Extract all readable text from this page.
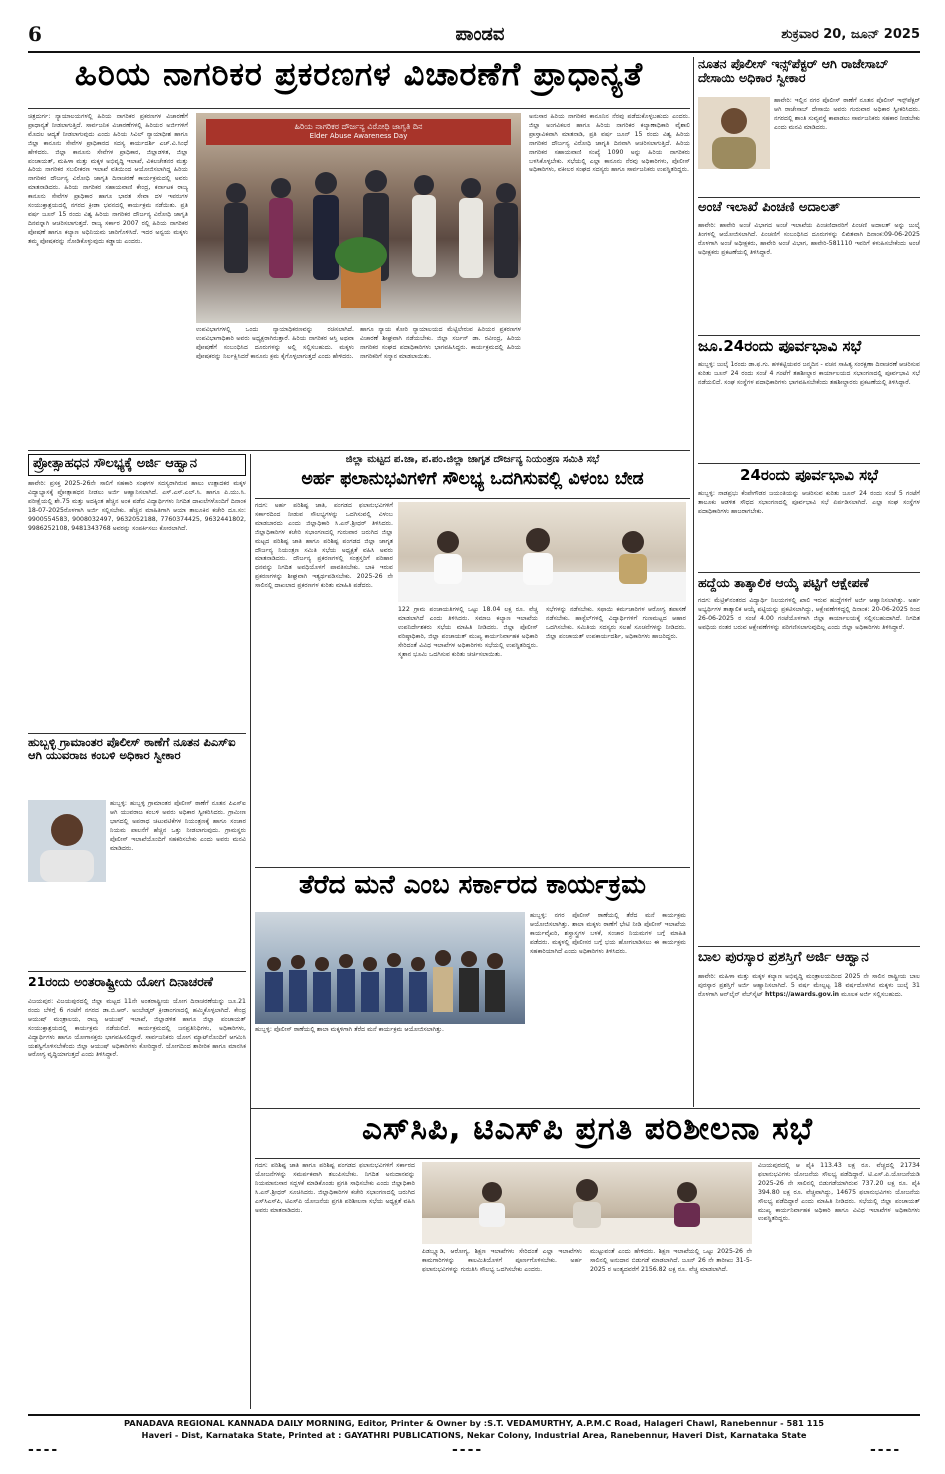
6	ಪಾಂಡವ	ಶುಕ್ರವಾರ 20, ಜೂನ್ 2025
ಹಿರಿಯ ನಾಗರಿಕರ ಪ್ರಕರಣಗಳ ವಿಚಾರಣೆಗೆ ಪ್ರಾಧಾನ್ಯತೆ
ಚಿತ್ರದುರ್ಗ: ನ್ಯಾಯಾಲಯಗಳಲ್ಲಿ ಹಿರಿಯ ನಾಗರಿಕರ ಪ್ರಕರಣಗಳ ವಿಚಾರಣೆಗೆ ಪ್ರಾಧಾನ್ಯತೆ ನೀಡಲಾಗುತ್ತಿದೆ. ಸಾರ್ವಜನಿಕ ವಿಚಾರಣೆಗಳಲ್ಲಿ ಹಿರಿಯರ ಅರ್ಜಿಗಳಿಗೆ ಮೊದಲ ಆದ್ಯತೆ ನೀಡಲಾಗುವುದು ಎಂದು ಹಿರಿಯ ಸಿವಿಲ್ ನ್ಯಾಯಾಧೀಶ ಹಾಗೂ ಜಿಲ್ಲಾ ಕಾನೂನು ಸೇವೆಗಳ ಪ್ರಾಧಿಕಾರದ ಸದಸ್ಯ ಕಾರ್ಯದರ್ಶಿ ಎಚ್.ವಿ.ಸಿಂಧೆ ಹೇಳಿದರು. ಜಿಲ್ಲಾ ಕಾನೂನು ಸೇವೆಗಳ ಪ್ರಾಧಿಕಾರ, ಜಿಲ್ಲಾಡಳಿತ, ಜಿಲ್ಲಾ ಪಂಚಾಯತ್, ಮಹಿಳಾ ಮತ್ತು ಮಕ್ಕಳ ಅಭಿವೃದ್ಧಿ ಇಲಾಖೆ, ವಿಕಲಚೇತನರ ಮತ್ತು ಹಿರಿಯ ನಾಗರಿಕರ ಸಬಲೀಕರಣ ಇಲಾಖೆ ವತಿಯಿಂದ ಆಯೋಜಿಸಲಾಗಿದ್ದ ಹಿರಿಯ ನಾಗರಿಕರ ದೌರ್ಜನ್ಯ ವಿರೋಧಿ ಜಾಗೃತಿ ದಿನಾಚರಣೆ ಕಾರ್ಯಕ್ರಮದಲ್ಲಿ ಅವರು ಮಾತನಾಡಿದರು. ಹಿರಿಯ ನಾಗರಿಕರ ಸಹಾಯವಾಣಿ ಕೇಂದ್ರ, ಕರ್ನಾಟಕ ರಾಜ್ಯ ಕಾನೂನು ಸೇವೆಗಳ ಪ್ರಾಧಿಕಾರ ಹಾಗೂ ಭಾರತ ಸೇವಾ ದಳ ಇವರುಗಳ ಸಂಯುಕ್ತಾಶ್ರಯದಲ್ಲಿ ನಗರದ ಕ್ರೀಡಾ ಭವನದಲ್ಲಿ ಕಾರ್ಯಕ್ರಮ ನಡೆಯಿತು. ಪ್ರತಿ ವರ್ಷ ಜೂನ್ 15 ರಂದು ವಿಶ್ವ ಹಿರಿಯ ನಾಗರಿಕರ ದೌರ್ಜನ್ಯ ವಿರೋಧಿ ಜಾಗೃತಿ ದಿನವನ್ನಾಗಿ ಆಚರಿಸಲಾಗುತ್ತದೆ. ರಾಜ್ಯ ಸರ್ಕಾರ 2007 ರಲ್ಲಿ ಹಿರಿಯ ನಾಗರಿಕರ ಪೋಷಣೆ ಹಾಗೂ ಕಲ್ಯಾಣ ಅಧಿನಿಯಮ ಜಾರಿಗೊಳಿಸಿದೆ. ಇದರ ಅನ್ವಯ ಮಕ್ಕಳು ತಮ್ಮ ಪೋಷಕರನ್ನು ನೋಡಿಕೊಳ್ಳುವುದು ಕಡ್ಡಾಯ ಎಂದರು.
ಹಿರಿಯ ನಾಗರಿಕರ ದೌರ್ಜನ್ಯ ವಿರೋಧಿ ಜಾಗೃತಿ ದಿನ
Elder Abuse Awareness Day
ಉಪವಿಭಾಗಗಳಲ್ಲಿ ಒಂದು ನ್ಯಾಯಾಧಿಕರಣವನ್ನು ರಚಿಸಲಾಗಿದೆ. ಉಪವಿಭಾಗಾಧಿಕಾರಿ ಅವರು ಅಧ್ಯಕ್ಷರಾಗಿರುತ್ತಾರೆ. ಹಿರಿಯ ನಾಗರಿಕರ ಆಸ್ತಿ ಅಥವಾ ಪೋಷಣೆಗೆ ಸಂಬಂಧಿಸಿದ ದೂರುಗಳನ್ನು ಅಲ್ಲಿ ಸಲ್ಲಿಸಬಹುದು. ಮಕ್ಕಳು ಪೋಷಕರನ್ನು ನಿರ್ಲಕ್ಷಿಸಿದರೆ ಕಾನೂನು ಕ್ರಮ ಕೈಗೊಳ್ಳಲಾಗುತ್ತದೆ ಎಂದು ಹೇಳಿದರು.
ಹಾಗೂ ನ್ಯಾಯ ಕೋರಿ ನ್ಯಾಯಾಲಯದ ಮೆಟ್ಟಿಲೇರುವ ಹಿರಿಯರ ಪ್ರಕರಣಗಳ ವಿಚಾರಣೆ ಶೀಘ್ರವಾಗಿ ನಡೆಯಬೇಕು. ಜಿಲ್ಲಾ ಸರ್ಜನ್ ಡಾ. ರವೀಂದ್ರ, ಹಿರಿಯ ನಾಗರಿಕರ ಸಂಘದ ಪದಾಧಿಕಾರಿಗಳು ಭಾಗವಹಿಸಿದ್ದರು. ಕಾರ್ಯಕ್ರಮದಲ್ಲಿ ಹಿರಿಯ ನಾಗರಿಕರಿಗೆ ಸನ್ಮಾನ ಮಾಡಲಾಯಿತು.
ಅನುಸಾರ ಹಿರಿಯ ನಾಗರಿಕರ ಕಾನೂನಿನ ನೆರವು ಪಡೆದುಕೊಳ್ಳಬಹುದು ಎಂದರು. ಜಿಲ್ಲಾ ಅಂಗವಿಕಲರ ಹಾಗೂ ಹಿರಿಯ ನಾಗರಿಕರ ಕಲ್ಯಾಣಾಧಿಕಾರಿ ವೈಶಾಲಿ ಪ್ರಾಸ್ತಾವಿಕವಾಗಿ ಮಾತನಾಡಿ, ಪ್ರತಿ ವರ್ಷ ಜೂನ್ 15 ರಂದು ವಿಶ್ವ ಹಿರಿಯ ನಾಗರಿಕರ ದೌರ್ಜನ್ಯ ವಿರೋಧಿ ಜಾಗೃತಿ ದಿನವಾಗಿ ಆಚರಿಸಲಾಗುತ್ತಿದೆ. ಹಿರಿಯ ನಾಗರಿಕರ ಸಹಾಯವಾಣಿ ಸಂಖ್ಯೆ 1090 ಅನ್ನು ಹಿರಿಯ ನಾಗರಿಕರು ಬಳಸಿಕೊಳ್ಳಬೇಕು. ಸಭೆಯಲ್ಲಿ ಎಲ್ಲಾ ಕಾನೂನು ನೆರವು ಅಧಿಕಾರಿಗಳು, ಪೊಲೀಸ್ ಅಧಿಕಾರಿಗಳು, ವಕೀಲರ ಸಂಘದ ಸದಸ್ಯರು ಹಾಗೂ ಸಾರ್ವಜನಿಕರು ಉಪಸ್ಥಿತರಿದ್ದರು.
ನೂತನ ಪೊಲೀಸ್ ಇನ್ಸ್‌ಪೆಕ್ಟರ್ ಆಗಿ ರಾಜೇಸಾಬ್ ದೇಸಾಯಿ ಅಧಿಕಾರ ಸ್ವೀಕಾರ
ಹಾವೇರಿ: ಇಲ್ಲಿನ ನಗರ ಪೊಲೀಸ್ ಠಾಣೆಗೆ ನೂತನ ಪೊಲೀಸ್ ಇನ್ಸ್‌ಪೆಕ್ಟರ್ ಆಗಿ ರಾಜೇಸಾಬ್ ದೇಸಾಯಿ ಅವರು ಗುರುವಾರ ಅಧಿಕಾರ ಸ್ವೀಕರಿಸಿದರು. ನಗರದಲ್ಲಿ ಶಾಂತಿ ಸುವ್ಯವಸ್ಥೆ ಕಾಪಾಡಲು ಸಾರ್ವಜನಿಕರು ಸಹಕಾರ ನೀಡಬೇಕು ಎಂದು ಮನವಿ ಮಾಡಿದರು.
ಅಂಚೆ ಇಲಾಖೆ ಪಿಂಚಣಿ ಅದಾಲತ್
ಹಾವೇರಿ: ಹಾವೇರಿ ಅಂಚೆ ವಿಭಾಗದ ಅಂಚೆ ಇಲಾಖೆಯ ಪಿಂಚಣಿದಾರರಿಗೆ ಪಿಂಚಣಿ ಅದಾಲತ್ ಅನ್ನು ಜುಲೈ ತಿಂಗಳಲ್ಲಿ ಆಯೋಜಿಸಲಾಗಿದೆ. ಪಿಂಚಣಿಗೆ ಸಂಬಂಧಿಸಿದ ದೂರುಗಳನ್ನು ಲಿಖಿತವಾಗಿ ದಿನಾಂಕ:09-06-2025 ರೊಳಗಾಗಿ ಅಂಚೆ ಅಧೀಕ್ಷಕರು, ಹಾವೇರಿ ಅಂಚೆ ವಿಭಾಗ, ಹಾವೇರಿ-581110 ಇವರಿಗೆ ಕಳುಹಿಸಬೇಕೆಂದು ಅಂಚೆ ಅಧೀಕ್ಷಕರು ಪ್ರಕಟಣೆಯಲ್ಲಿ ತಿಳಿಸಿದ್ದಾರೆ.
ಜೂ.24ರಂದು ಪೂರ್ವಭಾವಿ ಸಭೆ
ಹುಬ್ಬಳ್ಳಿ: ಜುಲೈ 1ರಂದು ಡಾ.ಫ.ಗು. ಹಳಕಟ್ಟಿಯವರ ಜನ್ಮದಿನ - ವಚನ ಸಾಹಿತ್ಯ ಸಂರಕ್ಷಣಾ ದಿನಾಚರಣೆ ಆಚರಿಸುವ ಕುರಿತು ಜೂನ್ 24 ರಂದು ಸಂಜೆ 4 ಗಂಟೆಗೆ ತಹಶೀಲ್ದಾರ ಕಾರ್ಯಾಲಯದ ಸಭಾಂಗಣದಲ್ಲಿ ಪೂರ್ವಭಾವಿ ಸಭೆ ನಡೆಯಲಿದೆ. ಸಂಘ ಸಂಸ್ಥೆಗಳ ಪದಾಧಿಕಾರಿಗಳು ಭಾಗವಹಿಸಬೇಕೆಂದು ತಹಶೀಲ್ದಾರರು ಪ್ರಕಟಣೆಯಲ್ಲಿ ತಿಳಿಸಿದ್ದಾರೆ.
24ರಂದು ಪೂರ್ವಭಾವಿ ಸಭೆ
ಹುಬ್ಬಳ್ಳಿ: ನಾಡಪ್ರಭು ಕೆಂಪೇಗೌಡರ ಜಯಂತಿಯನ್ನು ಆಚರಿಸುವ ಕುರಿತು ಜೂನ್ 24 ರಂದು ಸಂಜೆ 5 ಗಂಟೆಗೆ ತಾಲೂಕು ಆಡಳಿತ ಸೌಧದ ಸಭಾಂಗಣದಲ್ಲಿ ಪೂರ್ವಭಾವಿ ಸಭೆ ಏರ್ಪಡಿಸಲಾಗಿದೆ. ಎಲ್ಲಾ ಸಂಘ ಸಂಸ್ಥೆಗಳ ಪದಾಧಿಕಾರಿಗಳು ಹಾಜರಾಗಬೇಕು.
ಹದ್ದೆಯ ತಾತ್ಕಾಲಿಕ ಆಯ್ಕೆ ಪಟ್ಟಿಗೆ ಆಕ್ಷೇಪಣೆ
ಗದಗ: ಮೆಟ್ರಿಕ್‌ನಂತರದ ವಿದ್ಯಾರ್ಥಿ ನಿಲಯಗಳಲ್ಲಿ ಖಾಲಿ ಇರುವ ಹುದ್ದೆಗಳಿಗೆ ಅರ್ಜಿ ಆಹ್ವಾನಿಸಲಾಗಿತ್ತು. ಅರ್ಹ ಅಭ್ಯರ್ಥಿಗಳ ತಾತ್ಕಾಲಿಕ ಆಯ್ಕೆ ಪಟ್ಟಿಯನ್ನು ಪ್ರಕಟಿಸಲಾಗಿದ್ದು, ಆಕ್ಷೇಪಣೆಗಳಿದ್ದಲ್ಲಿ ದಿನಾಂಕ: 20-06-2025 ರಿಂದ 26-06-2025 ರ ಸಂಜೆ 4.00 ಗಂಟೆಯೊಳಗಾಗಿ ಜಿಲ್ಲಾ ಕಾರ್ಯಾಲಯಕ್ಕೆ ಸಲ್ಲಿಸಬಹುದಾಗಿದೆ. ನಿಗದಿತ ಅವಧಿಯ ನಂತರ ಬರುವ ಆಕ್ಷೇಪಣೆಗಳನ್ನು ಪರಿಗಣಿಸಲಾಗುವುದಿಲ್ಲ ಎಂದು ಜಿಲ್ಲಾ ಅಧಿಕಾರಿಗಳು ತಿಳಿಸಿದ್ದಾರೆ.
ಬಾಲ ಪುರಸ್ಕಾರ ಪ್ರಶಸ್ತಿಗೆ ಅರ್ಜಿ ಆಹ್ವಾನ
ಹಾವೇರಿ: ಮಹಿಳಾ ಮತ್ತು ಮಕ್ಕಳ ಕಲ್ಯಾಣ ಅಭಿವೃದ್ಧಿ ಮಂತ್ರಾಲಯದಿಂದ 2025 ನೇ ಸಾಲಿನ ರಾಷ್ಟ್ರೀಯ ಬಾಲ ಪುರಸ್ಕಾರ ಪ್ರಶಸ್ತಿಗೆ ಅರ್ಜಿ ಆಹ್ವಾನಿಸಲಾಗಿದೆ. 5 ವರ್ಷ ಮೇಲ್ಪಟ್ಟ 18 ವರ್ಷದೊಳಗಿನ ಮಕ್ಕಳು ಜುಲೈ 31 ರೊಳಗಾಗಿ ಆನ್‌ಲೈನ್ ವೆಬ್‌ಸೈಟ್ https://awards.gov.in ಮೂಲಕ ಅರ್ಜಿ ಸಲ್ಲಿಸಬಹುದು.
ಪ್ರೋತ್ಸಾಹಧನ ಸೌಲಭ್ಯಕ್ಕೆ ಅರ್ಜಿ ಆಹ್ವಾನ
ಹಾವೇರಿ: ಪ್ರಸಕ್ತ 2025-26ನೇ ಸಾಲಿಗೆ ಸಹಕಾರಿ ಸಂಘಗಳ ಸದಸ್ಯರಾಗಿರುವ ಹಾಲು ಉತ್ಪಾದಕರ ಮಕ್ಕಳ ವಿದ್ಯಾಭ್ಯಾಸಕ್ಕೆ ಪ್ರೋತ್ಸಾಹಧನ ನೀಡಲು ಅರ್ಜಿ ಆಹ್ವಾನಿಸಲಾಗಿದೆ. ಎಸ್.ಎಸ್.ಎಲ್.ಸಿ. ಹಾಗೂ ಪಿ.ಯು.ಸಿ. ಪರೀಕ್ಷೆಯಲ್ಲಿ ಶೇ.75 ಮತ್ತು ಅದಕ್ಕಿಂತ ಹೆಚ್ಚಿನ ಅಂಕ ಪಡೆದ ವಿದ್ಯಾರ್ಥಿಗಳು ನಿಗದಿತ ದಾಖಲೆಗಳೊಂದಿಗೆ ದಿನಾಂಕ 18-07-2025ರೊಳಗಾಗಿ ಅರ್ಜಿ ಸಲ್ಲಿಸಬೇಕು. ಹೆಚ್ಚಿನ ಮಾಹಿತಿಗಾಗಿ ಆಯಾ ತಾಲೂಕಿನ ಕಚೇರಿ ದೂ.ಸಂ: 9900554583, 9008032497, 9632052188, 7760374425, 9632441802, 9986252108, 9481343768 ಅವರನ್ನು ಸಂಪರ್ಕಿಸಲು ಕೋರಲಾಗಿದೆ.
ಹುಬ್ಬಳ್ಳಿ ಗ್ರಾಮಾಂತರ ಪೊಲೀಸ್ ಠಾಣೆಗೆ ನೂತನ ಪಿಎಸ್‌ಐ ಆಗಿ ಯುವರಾಜ ಕಂಬಳಿ ಅಧಿಕಾರ ಸ್ವೀಕಾರ
ಹುಬ್ಬಳ್ಳಿ: ಹುಬ್ಬಳ್ಳಿ ಗ್ರಾಮಾಂತರ ಪೊಲೀಸ್ ಠಾಣೆಗೆ ನೂತನ ಪಿಎಸ್‌ಐ ಆಗಿ ಯುವರಾಜ ಕಂಬಳಿ ಅವರು ಅಧಿಕಾರ ಸ್ವೀಕರಿಸಿದರು. ಗ್ರಾಮೀಣ ಭಾಗದಲ್ಲಿ ಅಪರಾಧ ಚಟುವಟಿಕೆಗಳ ನಿಯಂತ್ರಣಕ್ಕೆ ಹಾಗೂ ಸಂಚಾರ ನಿಯಮ ಪಾಲನೆಗೆ ಹೆಚ್ಚಿನ ಒತ್ತು ನೀಡಲಾಗುವುದು. ಗ್ರಾಮಸ್ಥರು ಪೊಲೀಸ್ ಇಲಾಖೆಯೊಂದಿಗೆ ಸಹಕರಿಸಬೇಕು ಎಂದು ಅವರು ಮನವಿ ಮಾಡಿದರು.
21ರಂದು ಅಂತರಾಷ್ಟ್ರೀಯ ಯೋಗ ದಿನಾಚರಣೆ
ವಿಜಯಪುರ: ವಿಜಯಪುರದಲ್ಲಿ ಜಿಲ್ಲಾ ಮಟ್ಟದ 11ನೇ ಅಂತರಾಷ್ಟ್ರೀಯ ಯೋಗ ದಿನಾಚರಣೆಯನ್ನು ಜೂ.21 ರಂದು ಬೆಳಿಗ್ಗೆ 6 ಗಂಟೆಗೆ ನಗರದ ಡಾ.ಬಿ.ಆರ್. ಅಂಬೇಡ್ಕರ್ ಕ್ರೀಡಾಂಗಣದಲ್ಲಿ ಹಮ್ಮಿಕೊಳ್ಳಲಾಗಿದೆ. ಕೇಂದ್ರ ಆಯುಷ್ ಮಂತ್ರಾಲಯ, ರಾಜ್ಯ ಆಯುಷ್ ಇಲಾಖೆ, ಜಿಲ್ಲಾಡಳಿತ ಹಾಗೂ ಜಿಲ್ಲಾ ಪಂಚಾಯತ್ ಸಂಯುಕ್ತಾಶ್ರಯದಲ್ಲಿ ಕಾರ್ಯಕ್ರಮ ನಡೆಯಲಿದೆ. ಕಾರ್ಯಕ್ರಮದಲ್ಲಿ ಜನಪ್ರತಿನಿಧಿಗಳು, ಅಧಿಕಾರಿಗಳು, ವಿದ್ಯಾರ್ಥಿಗಳು ಹಾಗೂ ಯೋಗಾಸಕ್ತರು ಭಾಗವಹಿಸಲಿದ್ದಾರೆ. ಸಾರ್ವಜನಿಕರು ಯೋಗ ಮ್ಯಾಟ್‌ನೊಂದಿಗೆ ಆಗಮಿಸಿ ಯಶಸ್ವಿಗೊಳಿಸಬೇಕೆಂದು ಜಿಲ್ಲಾ ಆಯುಷ್ ಅಧಿಕಾರಿಗಳು ಕೋರಿದ್ದಾರೆ. ಯೋಗದಿಂದ ಶಾರೀರಿಕ ಹಾಗೂ ಮಾನಸಿಕ ಆರೋಗ್ಯ ವೃದ್ಧಿಯಾಗುತ್ತದೆ ಎಂದು ತಿಳಿಸಿದ್ದಾರೆ.
ಜಿಲ್ಲಾ ಮಟ್ಟದ ಪ.ಜಾ, ಪ.ಪಂ.ಜಿಲ್ಲಾ ಜಾಗೃತ ದೌರ್ಜನ್ಯ ನಿಯಂತ್ರಣ ಸಮಿತಿ ಸಭೆ
ಅರ್ಹ ಫಲಾನುಭವಿಗಳಿಗೆ ಸೌಲಭ್ಯ ಒದಗಿಸುವಲ್ಲಿ ವಿಳಂಬ ಬೇಡ
ಗದಗ: ಅರ್ಹ ಪರಿಶಿಷ್ಟ ಜಾತಿ, ಪಂಗಡದ ಫಲಾನುಭವಿಗಳಿಗೆ ಸರ್ಕಾರದಿಂದ ನೀಡುವ ಸೌಲಭ್ಯಗಳನ್ನು ಒದಗಿಸುವಲ್ಲಿ ವಿಳಂಬ ಮಾಡಬಾರದು ಎಂದು ಜಿಲ್ಲಾಧಿಕಾರಿ ಸಿ.ಎನ್.ಶ್ರೀಧರ್ ತಿಳಿಸಿದರು. ಜಿಲ್ಲಾಧಿಕಾರಿಗಳ ಕಚೇರಿ ಸಭಾಂಗಣದಲ್ಲಿ ಗುರುವಾರ ಜರುಗಿದ ಜಿಲ್ಲಾ ಮಟ್ಟದ ಪರಿಶಿಷ್ಟ ಜಾತಿ ಹಾಗೂ ಪರಿಶಿಷ್ಟ ಪಂಗಡದ ಜಿಲ್ಲಾ ಜಾಗೃತ ದೌರ್ಜನ್ಯ ನಿಯಂತ್ರಣ ಸಮಿತಿ ಸಭೆಯ ಅಧ್ಯಕ್ಷತೆ ವಹಿಸಿ ಅವರು ಮಾತನಾಡಿದರು. ದೌರ್ಜನ್ಯ ಪ್ರಕರಣಗಳಲ್ಲಿ ಸಂತ್ರಸ್ತರಿಗೆ ಪರಿಹಾರ ಧನವನ್ನು ನಿಗದಿತ ಅವಧಿಯೊಳಗೆ ಪಾವತಿಸಬೇಕು. ಬಾಕಿ ಇರುವ ಪ್ರಕರಣಗಳನ್ನು ಶೀಘ್ರವಾಗಿ ಇತ್ಯರ್ಥಪಡಿಸಬೇಕು. 2025-26 ನೇ ಸಾಲಿನಲ್ಲಿ ದಾಖಲಾದ ಪ್ರಕರಣಗಳ ಕುರಿತು ಮಾಹಿತಿ ಪಡೆದರು.
122 ಗ್ರಾಮ ಪಂಚಾಯತಿಗಳಲ್ಲಿ ಒಟ್ಟು 18.04 ಲಕ್ಷ ರೂ. ವೆಚ್ಚ ಮಾಡಲಾಗಿದೆ ಎಂದು ತಿಳಿಸಿದರು. ಸಮಾಜ ಕಲ್ಯಾಣ ಇಲಾಖೆಯ ಉಪನಿರ್ದೇಶಕರು ಸಭೆಯ ಮಾಹಿತಿ ನೀಡಿದರು. ಜಿಲ್ಲಾ ಪೊಲೀಸ್ ವರಿಷ್ಠಾಧಿಕಾರಿ, ಜಿಲ್ಲಾ ಪಂಚಾಯತ್ ಮುಖ್ಯ ಕಾರ್ಯನಿರ್ವಾಹಕ ಅಧಿಕಾರಿ ಸೇರಿದಂತೆ ವಿವಿಧ ಇಲಾಖೆಗಳ ಅಧಿಕಾರಿಗಳು ಸಭೆಯಲ್ಲಿ ಉಪಸ್ಥಿತರಿದ್ದರು. ಸ್ಮಶಾನ ಭೂಮಿ ಒದಗಿಸುವ ಕುರಿತು ಚರ್ಚಿಸಲಾಯಿತು.
ಸಭೆಗಳನ್ನು ನಡೆಸಬೇಕು. ಸಫಾಯಿ ಕರ್ಮಚಾರಿಗಳ ಆರೋಗ್ಯ ತಪಾಸಣೆ ನಡೆಸಬೇಕು. ಹಾಸ್ಟೆಲ್‌ಗಳಲ್ಲಿ ವಿದ್ಯಾರ್ಥಿಗಳಿಗೆ ಗುಣಮಟ್ಟದ ಆಹಾರ ಒದಗಿಸಬೇಕು. ಸಮಿತಿಯ ಸದಸ್ಯರು ಸಲಹೆ ಸೂಚನೆಗಳನ್ನು ನೀಡಿದರು. ಜಿಲ್ಲಾ ಪಂಚಾಯತ್ ಉಪಕಾರ್ಯದರ್ಶಿ, ಅಧಿಕಾರಿಗಳು ಹಾಜರಿದ್ದರು.
ತೆರೆದ ಮನೆ ಎಂಬ ಸರ್ಕಾರದ ಕಾರ್ಯಕ್ರಮ
ಹುಬ್ಬಳ್ಳಿ: ನಗರ ಪೊಲೀಸ್ ಠಾಣೆಯಲ್ಲಿ ತೆರೆದ ಮನೆ ಕಾರ್ಯಕ್ರಮ ಆಯೋಜಿಸಲಾಗಿತ್ತು. ಶಾಲಾ ಮಕ್ಕಳು ಠಾಣೆಗೆ ಭೇಟಿ ನೀಡಿ ಪೊಲೀಸ್ ಇಲಾಖೆಯ ಕಾರ್ಯವೈಖರಿ, ಶಸ್ತ್ರಾಸ್ತ್ರಗಳ ಬಳಕೆ, ಸಂಚಾರ ನಿಯಮಗಳ ಬಗ್ಗೆ ಮಾಹಿತಿ ಪಡೆದರು. ಮಕ್ಕಳಲ್ಲಿ ಪೊಲೀಸರ ಬಗ್ಗೆ ಭಯ ಹೋಗಲಾಡಿಸಲು ಈ ಕಾರ್ಯಕ್ರಮ ಸಹಕಾರಿಯಾಗಿದೆ ಎಂದು ಅಧಿಕಾರಿಗಳು ತಿಳಿಸಿದರು.
ಹುಬ್ಬಳ್ಳಿ: ಪೊಲೀಸ್ ಠಾಣೆಯಲ್ಲಿ ಶಾಲಾ ಮಕ್ಕಳಿಗಾಗಿ ತೆರೆದ ಮನೆ ಕಾರ್ಯಕ್ರಮ ಆಯೋಜಿಸಲಾಗಿತ್ತು.
ಎಸ್‌ಸಿಪಿ, ಟಿಎಸ್‌ಪಿ ಪ್ರಗತಿ ಪರಿಶೀಲನಾ ಸಭೆ
ಗದಗ: ಪರಿಶಿಷ್ಟ ಜಾತಿ ಹಾಗೂ ಪರಿಶಿಷ್ಟ ಪಂಗಡದ ಫಲಾನುಭವಿಗಳಿಗೆ ಸರ್ಕಾರದ ಯೋಜನೆಗಳನ್ನು ಸಮರ್ಪಕವಾಗಿ ತಲುಪಿಸಬೇಕು. ನಿಗದಿತ ಅನುದಾನವನ್ನು ನಿಯಮಾನುಸಾರ ಸದ್ಬಳಕೆ ಮಾಡಿಕೊಂಡು ಪ್ರಗತಿ ಸಾಧಿಸಬೇಕು ಎಂದು ಜಿಲ್ಲಾಧಿಕಾರಿ ಸಿ.ಎನ್.ಶ್ರೀಧರ್ ಸೂಚಿಸಿದರು. ಜಿಲ್ಲಾಧಿಕಾರಿಗಳ ಕಚೇರಿ ಸಭಾಂಗಣದಲ್ಲಿ ಜರುಗಿದ ಎಸ್‌ಸಿಎಸ್‌ಪಿ, ಟಿಎಸ್‌ಪಿ ಯೋಜನೆಯ ಪ್ರಗತಿ ಪರಿಶೀಲನಾ ಸಭೆಯ ಅಧ್ಯಕ್ಷತೆ ವಹಿಸಿ ಅವರು ಮಾತನಾಡಿದರು.
ಪಿಡಬ್ಲ್ಯೂಡಿ, ಆರೋಗ್ಯ, ಶಿಕ್ಷಣ ಇಲಾಖೆಗಳು ಸೇರಿದಂತೆ ಎಲ್ಲಾ ಇಲಾಖೆಗಳು ಕಾಮಗಾರಿಗಳನ್ನು ಕಾಲಮಿತಿಯೊಳಗೆ ಪೂರ್ಣಗೊಳಿಸಬೇಕು. ಅರ್ಹ ಫಲಾನುಭವಿಗಳನ್ನು ಗುರುತಿಸಿ ಸೌಲಭ್ಯ ಒದಗಿಸಬೇಕು ಎಂದರು.
ಮುಟ್ಟುವಂತೆ ಎಂದು ಹೇಳಿದರು. ಶಿಕ್ಷಣ ಇಲಾಖೆಯಲ್ಲಿ ಒಟ್ಟು 2025-26 ನೇ ಸಾಲಿನಲ್ಲಿ ಅನುದಾನ ಬಿಡುಗಡೆ ಮಾಡಲಾಗಿದೆ. ಜೂನ್ 26 ನೇ ತಾರೀಖು 31-5-2025 ರ ಅಂತ್ಯದವರೆಗೆ 2156.82 ಲಕ್ಷ ರೂ. ವೆಚ್ಚ ಮಾಡಲಾಗಿದೆ.
ವಿಜಯಪುರದಲ್ಲಿ ಆ ಪೈಕಿ 113.43 ಲಕ್ಷ ರೂ. ವೆಚ್ಚದಲ್ಲಿ 21734 ಫಲಾನುಭವಿಗಳು ಯೋಜನೆಯ ಸೌಲಭ್ಯ ಪಡೆದಿದ್ದಾರೆ. ಟಿ.ಎಸ್.ಪಿ.ಯೋಜನೆಯಡಿ 2025-26 ನೇ ಸಾಲಿನಲ್ಲಿ ಬಿಡುಗಡೆಯಾಗಿರುವ 737.20 ಲಕ್ಷ ರೂ. ಪೈಕಿ 394.80 ಲಕ್ಷ ರೂ. ವೆಚ್ಚವಾಗಿದ್ದು, 14675 ಫಲಾನುಭವಿಗಳು ಯೋಜನೆಯ ಸೌಲಭ್ಯ ಪಡೆದಿದ್ದಾರೆ ಎಂದು ಮಾಹಿತಿ ನೀಡಿದರು. ಸಭೆಯಲ್ಲಿ ಜಿಲ್ಲಾ ಪಂಚಾಯತ್ ಮುಖ್ಯ ಕಾರ್ಯನಿರ್ವಾಹಕ ಅಧಿಕಾರಿ ಹಾಗೂ ವಿವಿಧ ಇಲಾಖೆಗಳ ಅಧಿಕಾರಿಗಳು ಉಪಸ್ಥಿತರಿದ್ದರು.
PANADAVA REGIONAL KANNADA DAILY MORNING, Editor, Printer & Owner by :S.T. VEDAMURTHY, A.P.M.C Road, Halageri Chawl, Ranebennur - 581 115
Haveri - Dist, Karnataka State, Printed at : GAYATHRI PUBLICATIONS, Nekar Colony, Industrial Area, Ranebennur, Haveri Dist, Karnataka State
----	----	----
